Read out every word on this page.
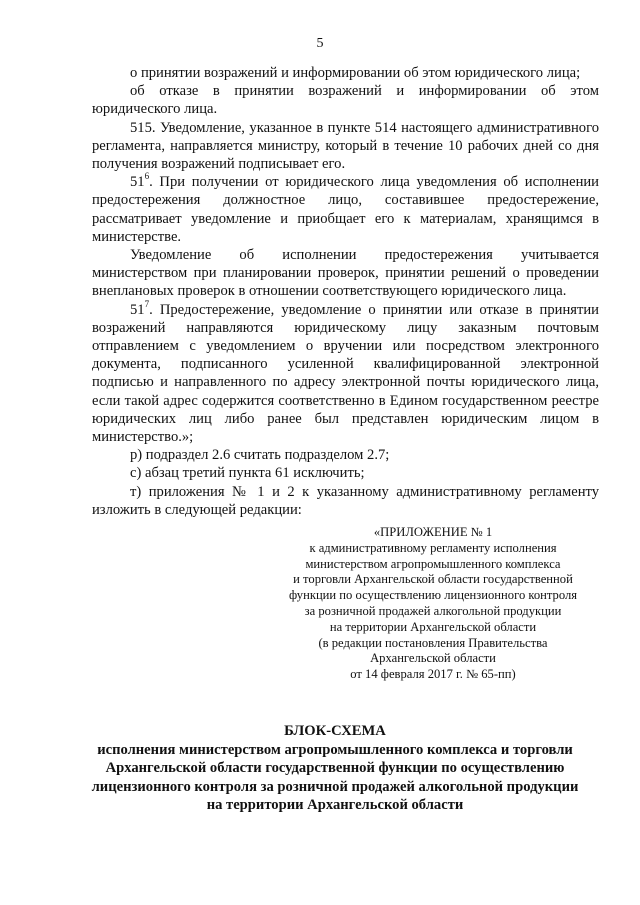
5

о принятии возражений и информировании об этом юридического лица;

об отказе в принятии возражений и информировании об этом юридического лица.

515. Уведомление, указанное в пункте 514 настоящего административного регламента, направляется министру, который в течение 10 рабочих дней со дня получения возражений подписывает его.

$51^6$. При получении от юридического лица уведомления об исполнении предостережения должностное лицо, составившее предостережение, рассматривает уведомление и приобщает его к материалам, хранящимся в министерстве.

Уведомление об исполнении предостережения учитывается министерством при планировании проверок, принятии решений о проведении внеплановых проверок в отношении соответствующего юридического лица.

$51^7$. Предостережение, уведомление о принятии или отказе в принятии возражений направляются юридическому лицу заказным почтовым отправлением с уведомлением о вручении или посредством электронного документа, подписанного усиленной квалифицированной электронной подписью и направленного по адресу электронной почты юридического лица, если такой адрес содержится соответственно в Едином государственном реестре юридических лиц либо ранее был представлен юридическим лицом в министерство.»;

р) подраздел 2.6 считать подразделом 2.7;

с) абзац третий пункта 61 исключить;

т) приложения № 1 и 2 к указанному административному регламенту изложить в следующей редакции:

«ПРИЛОЖЕНИЕ № 1
к административному регламенту исполнения
министерством агропромышленного комплекса
и торговли Архангельской области государственной
функции по осуществлению лицензионного контроля
за розничной продажей алкогольной продукции
на территории Архангельской области
(в редакции постановления Правительства
Архангельской области
от 14 февраля 2017 г. № 65-пп)
БЛОК-СХЕМА
исполнения министерством агропромышленного комплекса и торговли
Архангельской области государственной функции по осуществлению
лицензионного контроля за розничной продажей алкогольной продукции
на территории Архангельской области
